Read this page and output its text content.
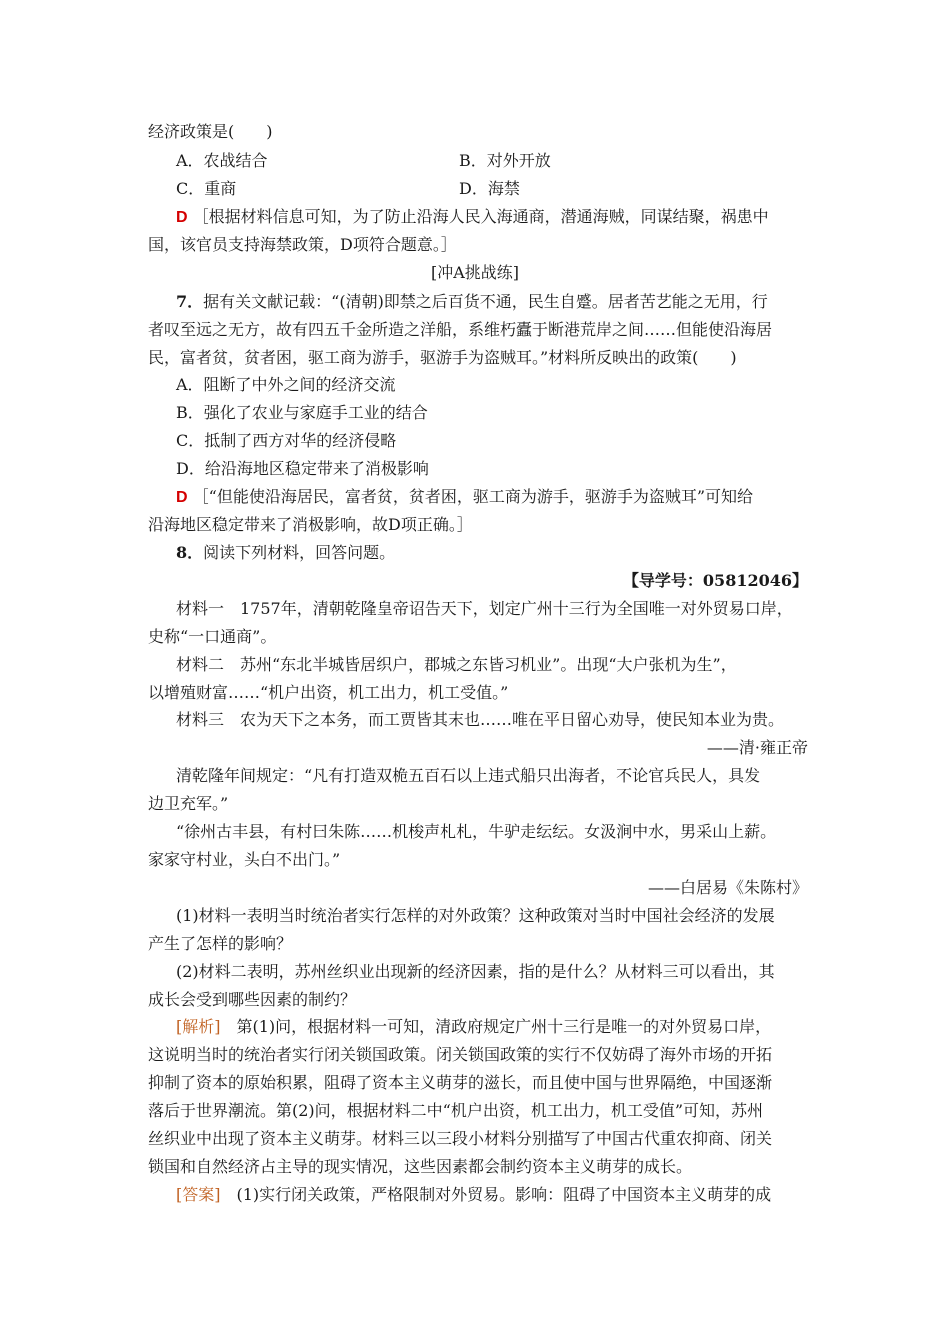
经济政策是(　　)
A．农战结合	B．对外开放
C．重商	D．海禁
D ［根据材料信息可知，为了防止沿海人民入海通商，潜通海贼，同谋结聚，祸患中
国，该官员支持海禁政策，D项符合题意。］
[冲A挑战练]
7．据有关文献记载：“(清朝)即禁之后百货不通，民生自蹙。居者苦艺能之无用，行
者叹至远之无方，故有四五千金所造之洋船，系维朽蠹于断港荒岸之间……但能使沿海居
民，富者贫，贫者困，驱工商为游手，驱游手为盗贼耳。”材料所反映出的政策(　　)
A．阻断了中外之间的经济交流
B．强化了农业与家庭手工业的结合
C．抵制了西方对华的经济侵略
D．给沿海地区稳定带来了消极影响
D ［“但能使沿海居民，富者贫，贫者困，驱工商为游手，驱游手为盗贼耳”可知给
沿海地区稳定带来了消极影响，故D项正确。］
8．阅读下列材料，回答问题。
【导学号：05812046】
材料一　1757年，清朝乾隆皇帝诏告天下，划定广州十三行为全国唯一对外贸易口岸，
史称“一口通商”。
材料二　苏州“东北半城皆居织户，郡城之东皆习机业”。出现“大户张机为生”，
以增殖财富……“机户出资，机工出力，机工受值。”
材料三　农为天下之本务，而工贾皆其末也……唯在平日留心劝导，使民知本业为贵。
——清·雍正帝
清乾隆年间规定：“凡有打造双桅五百石以上违式船只出海者，不论官兵民人，具发
边卫充军。”
“徐州古丰县，有村曰朱陈……机梭声札札，牛驴走纭纭。女汲涧中水，男采山上薪。
家家守村业，头白不出门。”
——白居易《朱陈村》
(1)材料一表明当时统治者实行怎样的对外政策？这种政策对当时中国社会经济的发展
产生了怎样的影响？
(2)材料二表明，苏州丝织业出现新的经济因素，指的是什么？从材料三可以看出，其
成长会受到哪些因素的制约？
[解析]　第(1)问，根据材料一可知，清政府规定广州十三行是唯一的对外贸易口岸，
这说明当时的统治者实行闭关锁国政策。闭关锁国政策的实行不仅妨碍了海外市场的开拓
抑制了资本的原始积累，阻碍了资本主义萌芽的滋长，而且使中国与世界隔绝，中国逐渐
落后于世界潮流。第(2)问，根据材料二中“机户出资，机工出力，机工受值”可知，苏州
丝织业中出现了资本主义萌芽。材料三以三段小材料分别描写了中国古代重农抑商、闭关
锁国和自然经济占主导的现实情况，这些因素都会制约资本主义萌芽的成长。
[答案]　(1)实行闭关政策，严格限制对外贸易。影响：阻碍了中国资本主义萌芽的成
